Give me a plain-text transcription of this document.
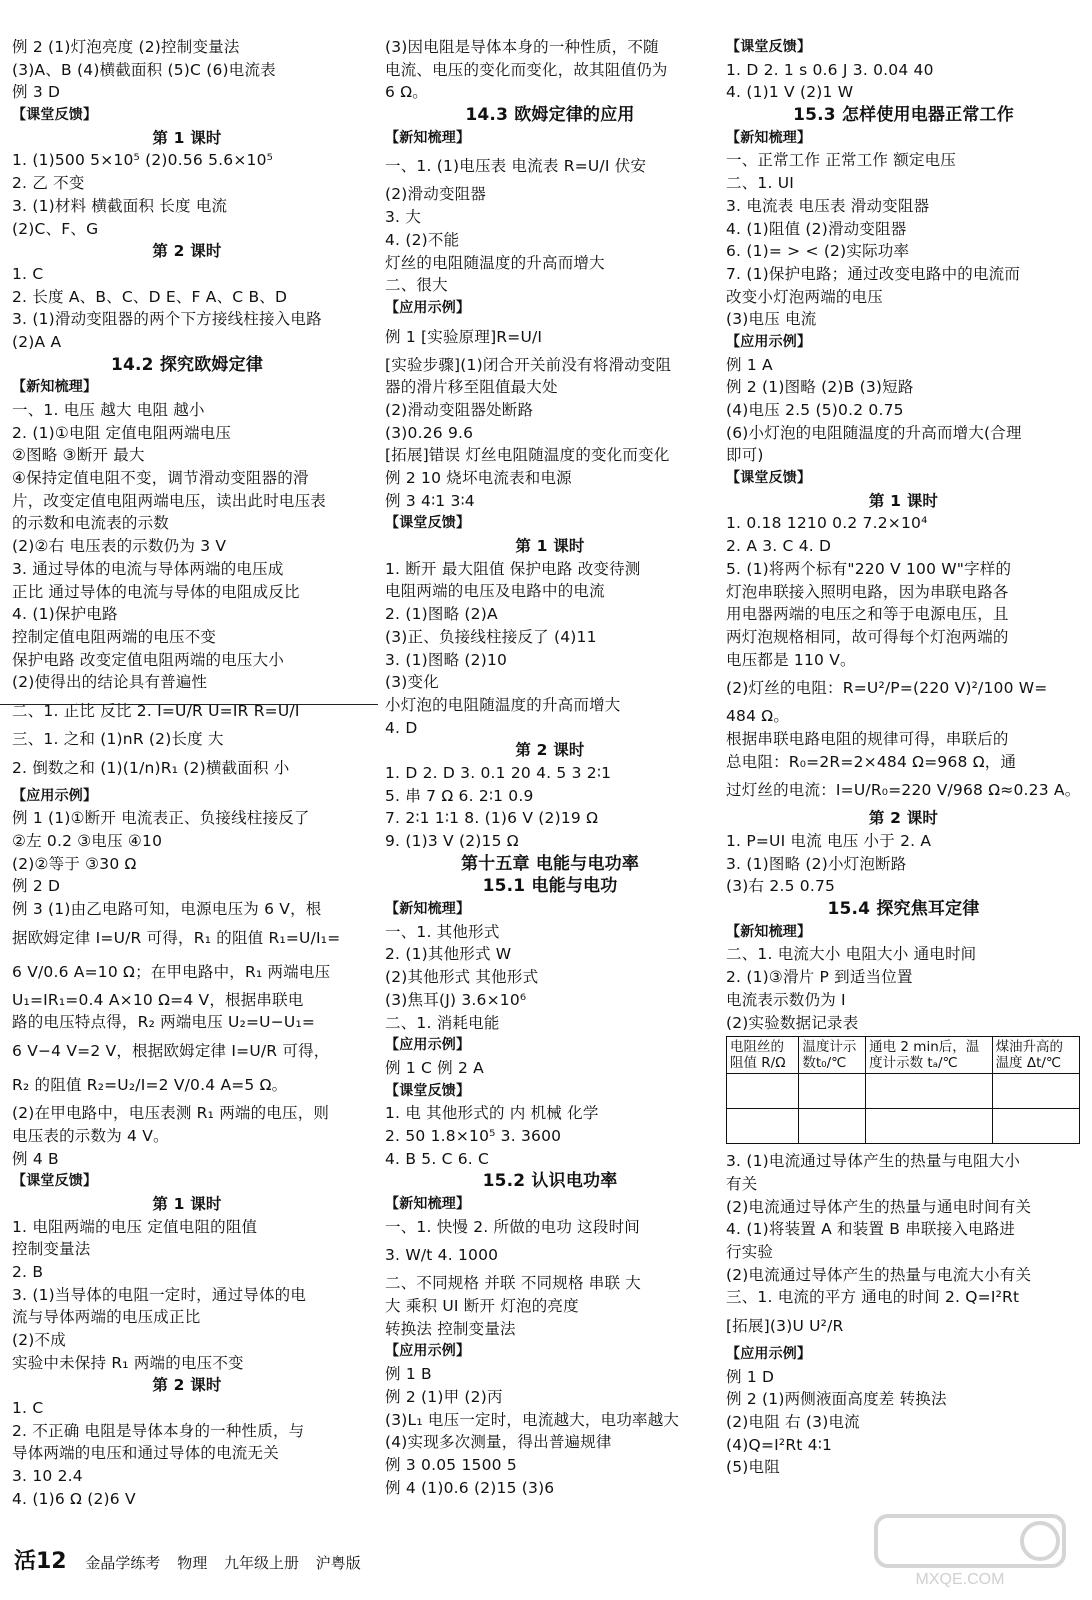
例 2 (1)灯泡亮度 (2)控制变量法
(3)A、B (4)横截面积 (5)C (6)电流表
例 3 D
【课堂反馈】
第 1 课时
1. (1)500 5×10⁵ (2)0.56 5.6×10⁵
2. 乙 不变
3. (1)材料 横截面积 长度 电流
(2)C、F、G
第 2 课时
1. C
2. 长度 A、B、C、D E、F A、C B、D
3. (1)滑动变阻器的两个下方接线柱接入电路
(2)A A
14.2 探究欧姆定律
【新知梳理】
一、1. 电压 越大 电阻 越小
2. (1)①电阻 定值电阻两端电压
②图略 ③断开 最大
④保持定值电阻不变，调节滑动变阻器的滑
片，改变定值电阻两端电压，读出此时电压表
的示数和电流表的示数
(2)②右 电压表的示数仍为 3 V
3. 通过导体的电流与导体两端的电压成
正比 通过导体的电流与导体的电阻成反比
4. (1)保护电路
控制定值电阻两端的电压不变
保护电路 改变定值电阻两端的电压大小
(2)使得出的结论具有普遍性
二、1. 正比 反比 2. I=U/R U=IR R=U/I
三、1. 之和 (1)nR (2)长度 大
2. 倒数之和 (1)(1/n)R₁ (2)横截面积 小
【应用示例】
例 1 (1)①断开 电流表正、负接线柱接反了
②左 0.2 ③电压 ④10
(2)②等于 ③30 Ω
例 2 D
例 3 (1)由乙电路可知，电源电压为 6 V，根
据欧姆定律 I=U/R 可得，R₁ 的阻值 R₁=U/I₁=
6 V/0.6 A=10 Ω；在甲电路中，R₁ 两端电压
U₁=IR₁=0.4 A×10 Ω=4 V，根据串联电
路的电压特点得，R₂ 两端电压 U₂=U−U₁=
6 V−4 V=2 V，根据欧姆定律 I=U/R 可得，
R₂ 的阻值 R₂=U₂/I=2 V/0.4 A=5 Ω。
(2)在甲电路中，电压表测 R₁ 两端的电压，则
电压表的示数为 4 V。
例 4 B
【课堂反馈】
第 1 课时
1. 电阻两端的电压 定值电阻的阻值
控制变量法
2. B
3. (1)当导体的电阻一定时，通过导体的电
流与导体两端的电压成正比
(2)不成
实验中未保持 R₁ 两端的电压不变
第 2 课时
1. C
2. 不正确 电阻是导体本身的一种性质，与
导体两端的电压和通过导体的电流无关
3. 10 2.4
4. (1)6 Ω (2)6 V
(3)因电阻是导体本身的一种性质，不随
电流、电压的变化而变化，故其阻值仍为
6 Ω。
14.3 欧姆定律的应用
【新知梳理】
一、1. (1)电压表 电流表 R=U/I 伏安
(2)滑动变阻器
3. 大
4. (2)不能
灯丝的电阻随温度的升高而增大
二、很大
【应用示例】
例 1 [实验原理]R=U/I
[实验步骤](1)闭合开关前没有将滑动变阻
器的滑片移至阻值最大处
(2)滑动变阻器处断路
(3)0.26 9.6
[拓展]错误 灯丝电阻随温度的变化而变化
例 2 10 烧坏电流表和电源
例 3 4∶1 3∶4
【课堂反馈】
第 1 课时
1. 断开 最大阻值 保护电路 改变待测
电阻两端的电压及电路中的电流
2. (1)图略 (2)A
(3)正、负接线柱接反了 (4)11
3. (1)图略 (2)10
(3)变化
小灯泡的电阻随温度的升高而增大
4. D
第 2 课时
1. D 2. D 3. 0.1 20 4. 5 3 2∶1
5. 串 7 Ω 6. 2∶1 0.9
7. 2∶1 1∶1 8. (1)6 V (2)19 Ω
9. (1)3 V (2)15 Ω
第十五章 电能与电功率
15.1 电能与电功
【新知梳理】
一、1. 其他形式
2. (1)其他形式 W
(2)其他形式 其他形式
(3)焦耳(J) 3.6×10⁶
二、1. 消耗电能
【应用示例】
例 1 C 例 2 A
【课堂反馈】
1. 电 其他形式的 内 机械 化学
2. 50 1.8×10⁵ 3. 3600
4. B 5. C 6. C
15.2 认识电功率
【新知梳理】
一、1. 快慢 2. 所做的电功 这段时间
3. W/t 4. 1000
二、不同规格 并联 不同规格 串联 大
大 乘积 UI 断开 灯泡的亮度
转换法 控制变量法
【应用示例】
例 1 B
例 2 (1)甲 (2)丙
(3)L₁ 电压一定时，电流越大，电功率越大
(4)实现多次测量，得出普遍规律
例 3 0.05 1500 5
例 4 (1)0.6 (2)15 (3)6
【课堂反馈】
1. D 2. 1 s 0.6 J 3. 0.04 40
4. (1)1 V (2)1 W
15.3 怎样使用电器正常工作
【新知梳理】
一、正常工作 正常工作 额定电压
二、1. UI
3. 电流表 电压表 滑动变阻器
4. (1)阻值 (2)滑动变阻器
6. (1)= > < (2)实际功率
7. (1)保护电路；通过改变电路中的电流而
改变小灯泡两端的电压
(3)电压 电流
【应用示例】
例 1 A
例 2 (1)图略 (2)B (3)短路
(4)电压 2.5 (5)0.2 0.75
(6)小灯泡的电阻随温度的升高而增大(合理
即可)
【课堂反馈】
第 1 课时
1. 0.18 1210 0.2 7.2×10⁴
2. A 3. C 4. D
5. (1)将两个标有"220 V 100 W"字样的
灯泡串联接入照明电路，因为串联电路各
用电器两端的电压之和等于电源电压，且
两灯泡规格相同，故可得每个灯泡两端的
电压都是 110 V。
(2)灯丝的电阻：R=U²/P=(220 V)²/100 W=
484 Ω。
根据串联电路电阻的规律可得，串联后的
总电阻：R₀=2R=2×484 Ω=968 Ω，通
过灯丝的电流：I=U/R₀=220 V/968 Ω≈0.23 A。
第 2 课时
1. P=UI 电流 电压 小于 2. A
3. (1)图略 (2)小灯泡断路
(3)右 2.5 0.75
15.4 探究焦耳定律
【新知梳理】
二、1. 电流大小 电阻大小 通电时间
2. (1)③滑片 P 到适当位置
电流表示数仍为 I
(2)实验数据记录表
电阻丝的阻值 R/Ω	温度计示数t₀/℃	通电 2 min后，温度计示数 tₐ/℃	煤油升高的温度 Δt/℃

3. (1)电流通过导体产生的热量与电阻大小
有关
(2)电流通过导体产生的热量与通电时间有关
4. (1)将装置 A 和装置 B 串联接入电路进
行实验
(2)电流通过导体产生的热量与电流大小有关
三、1. 电流的平方 通电的时间 2. Q=I²Rt
[拓展](3)U U²/R
【应用示例】
例 1 D
例 2 (1)两侧液面高度差 转换法
(2)电阻 右 (3)电流
(4)Q=I²Rt 4∶1
(5)电阻
活12 金晶学练考 物理 九年级上册 沪粤版
MXQE.COM
